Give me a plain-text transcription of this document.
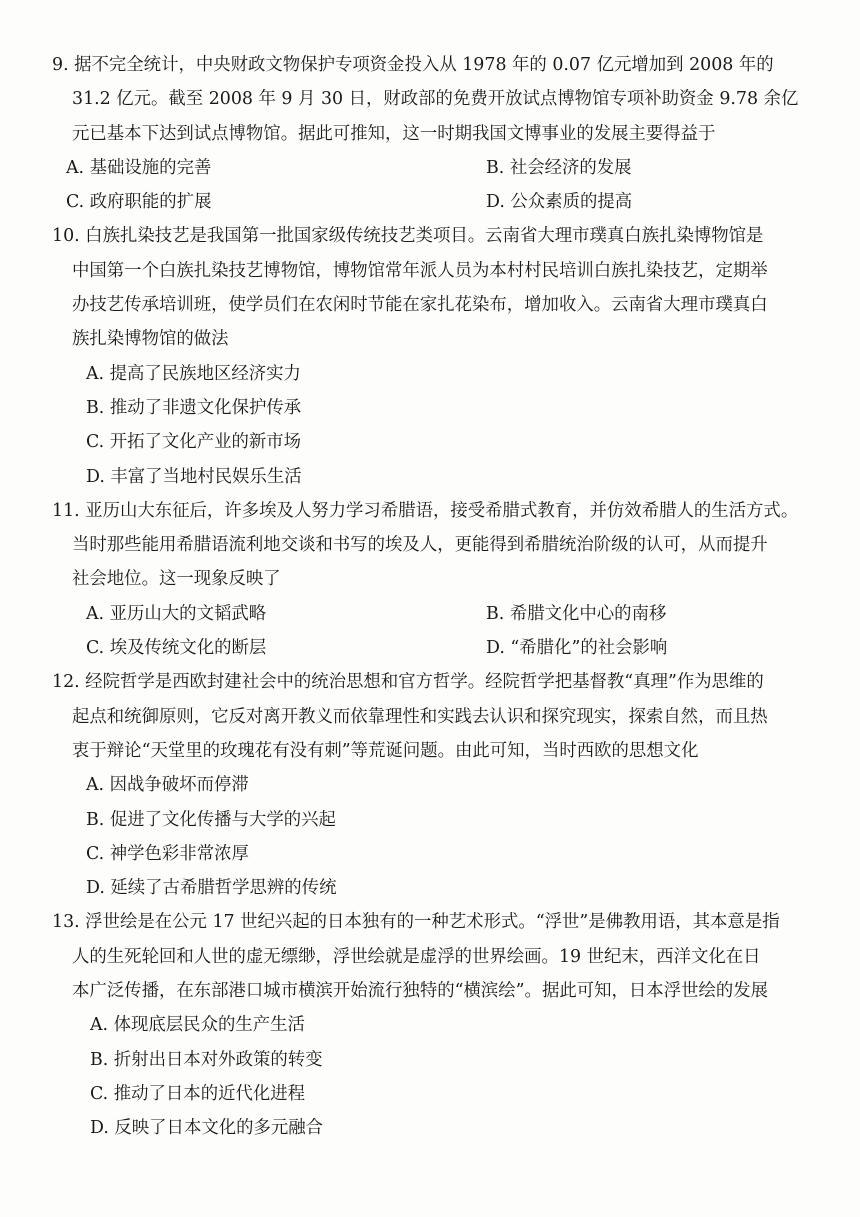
9. 据不完全统计，中央财政文物保护专项资金投入从 1978 年的 0.07 亿元增加到 2008 年的
31.2 亿元。截至 2008 年 9 月 30 日，财政部的免费开放试点博物馆专项补助资金 9.78 余亿
元已基本下达到试点博物馆。据此可推知，这一时期我国文博事业的发展主要得益于
A. 基础设施的完善	B. 社会经济的发展
C. 政府职能的扩展	D. 公众素质的提高
10. 白族扎染技艺是我国第一批国家级传统技艺类项目。云南省大理市璞真白族扎染博物馆是
中国第一个白族扎染技艺博物馆，博物馆常年派人员为本村村民培训白族扎染技艺，定期举
办技艺传承培训班，使学员们在农闲时节能在家扎花染布，增加收入。云南省大理市璞真白
族扎染博物馆的做法
A. 提高了民族地区经济实力
B. 推动了非遗文化保护传承
C. 开拓了文化产业的新市场
D. 丰富了当地村民娱乐生活
11. 亚历山大东征后，许多埃及人努力学习希腊语，接受希腊式教育，并仿效希腊人的生活方式。
当时那些能用希腊语流利地交谈和书写的埃及人，更能得到希腊统治阶级的认可，从而提升
社会地位。这一现象反映了
A. 亚历山大的文韬武略	B. 希腊文化中心的南移
C. 埃及传统文化的断层	D. “希腊化”的社会影响
12. 经院哲学是西欧封建社会中的统治思想和官方哲学。经院哲学把基督教“真理”作为思维的
起点和统御原则，它反对离开教义而依靠理性和实践去认识和探究现实，探索自然，而且热
衷于辩论“天堂里的玫瑰花有没有刺”等荒诞问题。由此可知，当时西欧的思想文化
A. 因战争破坏而停滞
B. 促进了文化传播与大学的兴起
C. 神学色彩非常浓厚
D. 延续了古希腊哲学思辨的传统
13. 浮世绘是在公元 17 世纪兴起的日本独有的一种艺术形式。“浮世”是佛教用语，其本意是指
人的生死轮回和人世的虚无缥缈，浮世绘就是虚浮的世界绘画。19 世纪末，西洋文化在日
本广泛传播，在东部港口城市横滨开始流行独特的“横滨绘”。据此可知，日本浮世绘的发展
A. 体现底层民众的生产生活
B. 折射出日本对外政策的转变
C. 推动了日本的近代化进程
D. 反映了日本文化的多元融合
